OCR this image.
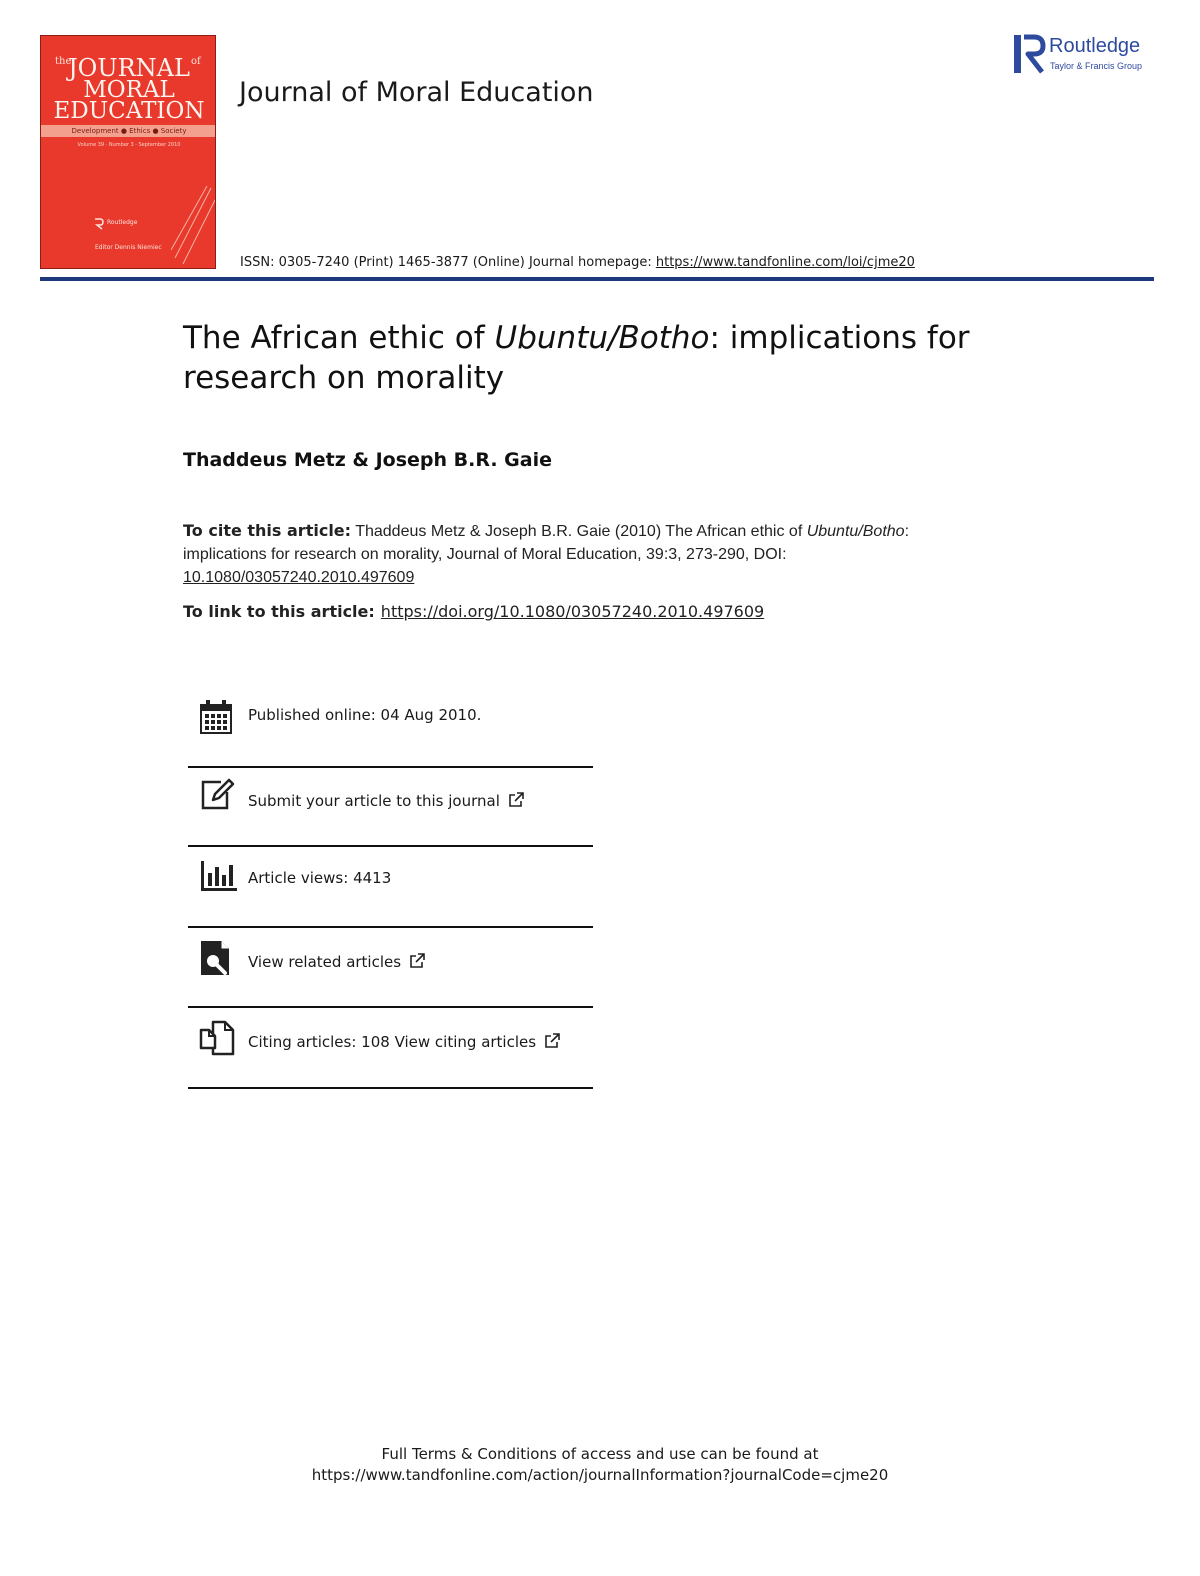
the	of
JOURNAL
MORAL
EDUCATION
Development ● Ethics ● Society
Volume 39 · Number 3 · September 2010
Routledge
Editor Dennis Niemiec
Journal of Moral Education
Routledge
Taylor & Francis Group
ISSN: 0305-7240 (Print) 1465-3877 (Online) Journal homepage: https://www.tandfonline.com/loi/cjme20
The African ethic of Ubuntu/Botho: implications for research on morality
Thaddeus Metz & Joseph B.R. Gaie
To cite this article: Thaddeus Metz & Joseph B.R. Gaie (2010) The African ethic of Ubuntu/Botho: implications for research on morality, Journal of Moral Education, 39:3, 273-290, DOI:
10.1080/03057240.2010.497609
To link to this article: https://doi.org/10.1080/03057240.2010.497609
Published online: 04 Aug 2010.
Submit your article to this journal
Article views: 4413
View related articles
Citing articles: 108 View citing articles
Full Terms & Conditions of access and use can be found at
https://www.tandfonline.com/action/journalInformation?journalCode=cjme20
